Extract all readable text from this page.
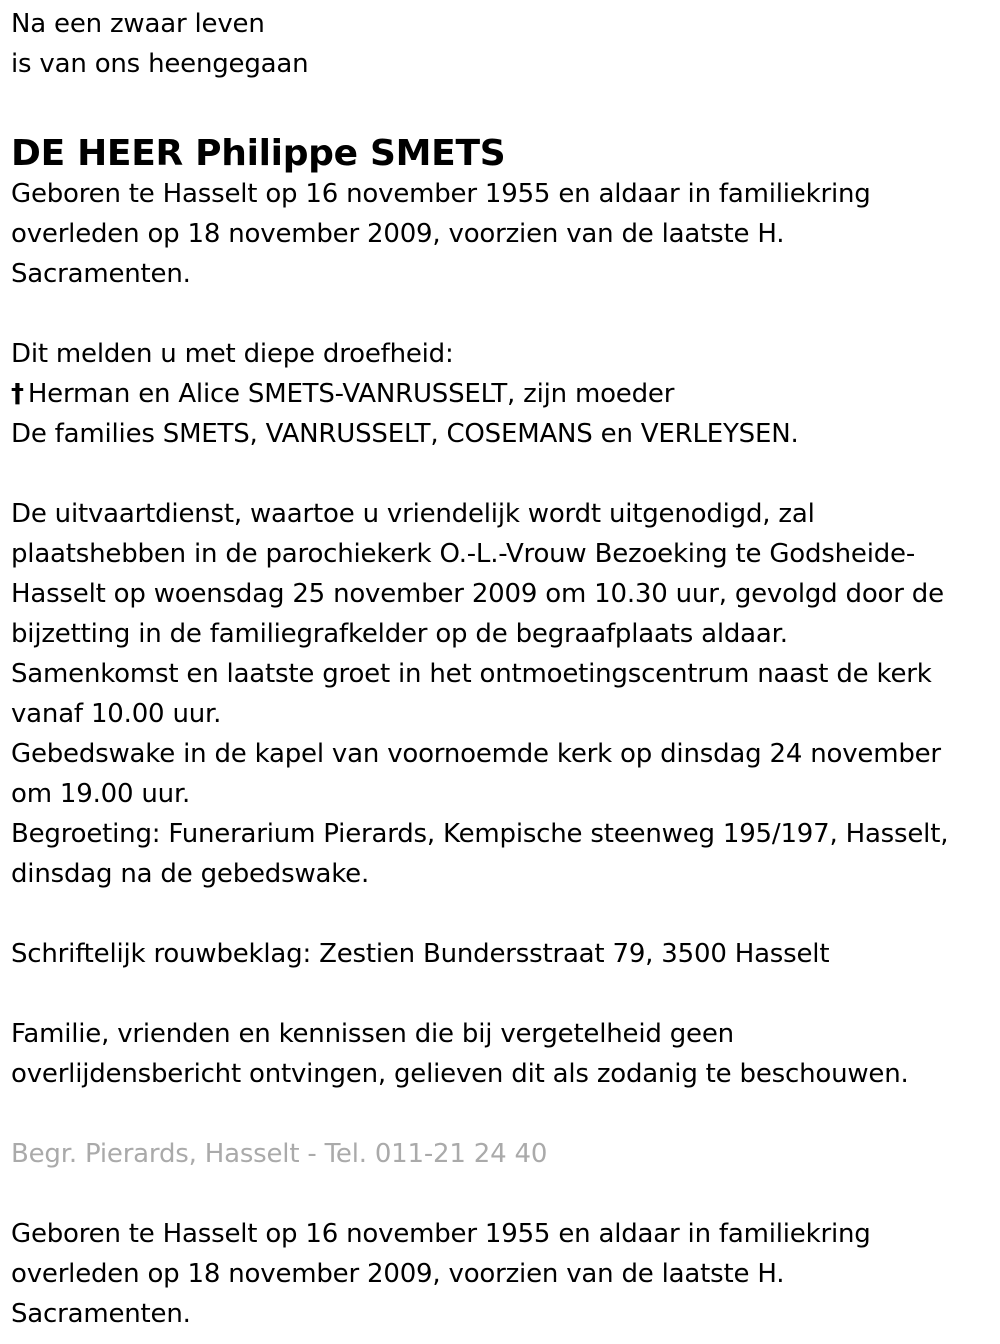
Na een zwaar leven
is van ons heengegaan
DE HEER Philippe SMETS
Geboren te Hasselt op 16 november 1955 en aldaar in familiekring
overleden op 18 november 2009, voorzien van de laatste H.
Sacramenten.
Dit melden u met diepe droefheid:
† Herman en Alice SMETS-VANRUSSELT, zijn moeder
De families SMETS, VANRUSSELT, COSEMANS en VERLEYSEN.
De uitvaartdienst, waartoe u vriendelijk wordt uitgenodigd, zal
plaatshebben in de parochiekerk O.-L.-Vrouw Bezoeking te Godsheide-
Hasselt op woensdag 25 november 2009 om 10.30 uur, gevolgd door de
bijzetting in de familiegrafkelder op de begraafplaats aldaar.
Samenkomst en laatste groet in het ontmoetingscentrum naast de kerk
vanaf 10.00 uur.
Gebedswake in de kapel van voornoemde kerk op dinsdag 24 november
om 19.00 uur.
Begroeting: Funerarium Pierards, Kempische steenweg 195/197, Hasselt,
dinsdag na de gebedswake.
Schriftelijk rouwbeklag: Zestien Bundersstraat 79, 3500 Hasselt
Familie, vrienden en kennissen die bij vergetelheid geen
overlijdensbericht ontvingen, gelieven dit als zodanig te beschouwen.
Begr. Pierards, Hasselt - Tel. 011-21 24 40
Geboren te Hasselt op 16 november 1955 en aldaar in familiekring
overleden op 18 november 2009, voorzien van de laatste H.
Sacramenten.
